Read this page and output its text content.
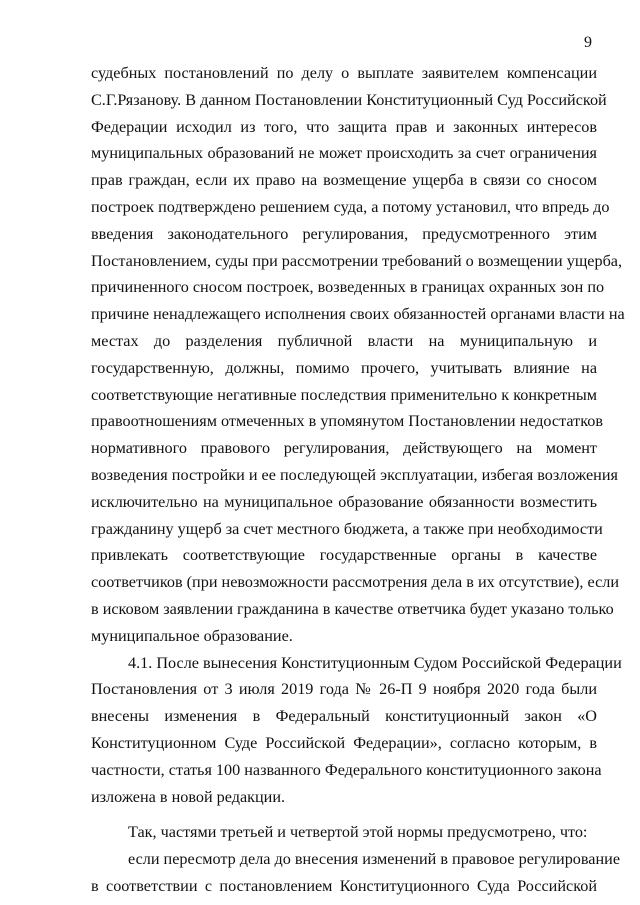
9
судебных постановлений по делу о выплате заявителем компенсации
С.Г.Рязанову. В данном Постановлении Конституционный Суд Российской
Федерации исходил из того, что защита прав и законных интересов
муниципальных образований не может происходить за счет ограничения
прав граждан, если их право на возмещение ущерба в связи со сносом
построек подтверждено решением суда, а потому установил, что впредь до
введения законодательного регулирования, предусмотренного этим
Постановлением, суды при рассмотрении требований о возмещении ущерба,
причиненного сносом построек, возведенных в границах охранных зон по
причине ненадлежащего исполнения своих обязанностей органами власти на
местах до разделения публичной власти на муниципальную и
государственную, должны, помимо прочего, учитывать влияние на
соответствующие негативные последствия применительно к конкретным
правоотношениям отмеченных в упомянутом Постановлении недостатков
нормативного правового регулирования, действующего на момент
возведения постройки и ее последующей эксплуатации, избегая возложения
исключительно на муниципальное образование обязанности возместить
гражданину ущерб за счет местного бюджета, а также при необходимости
привлекать соответствующие государственные органы в качестве
соответчиков (при невозможности рассмотрения дела в их отсутствие), если
в исковом заявлении гражданина в качестве ответчика будет указано только
муниципальное образование.
4.1. После вынесения Конституционным Судом Российской Федерации
Постановления от 3 июля 2019 года № 26-П 9 ноября 2020 года были
внесены изменения в Федеральный конституционный закон «О
Конституционном Суде Российской Федерации», согласно которым, в
частности, статья 100 названного Федерального конституционного закона
изложена в новой редакции.
Так, частями третьей и четвертой этой нормы предусмотрено, что:
если пересмотр дела до внесения изменений в правовое регулирование
в соответствии с постановлением Конституционного Суда Российской
